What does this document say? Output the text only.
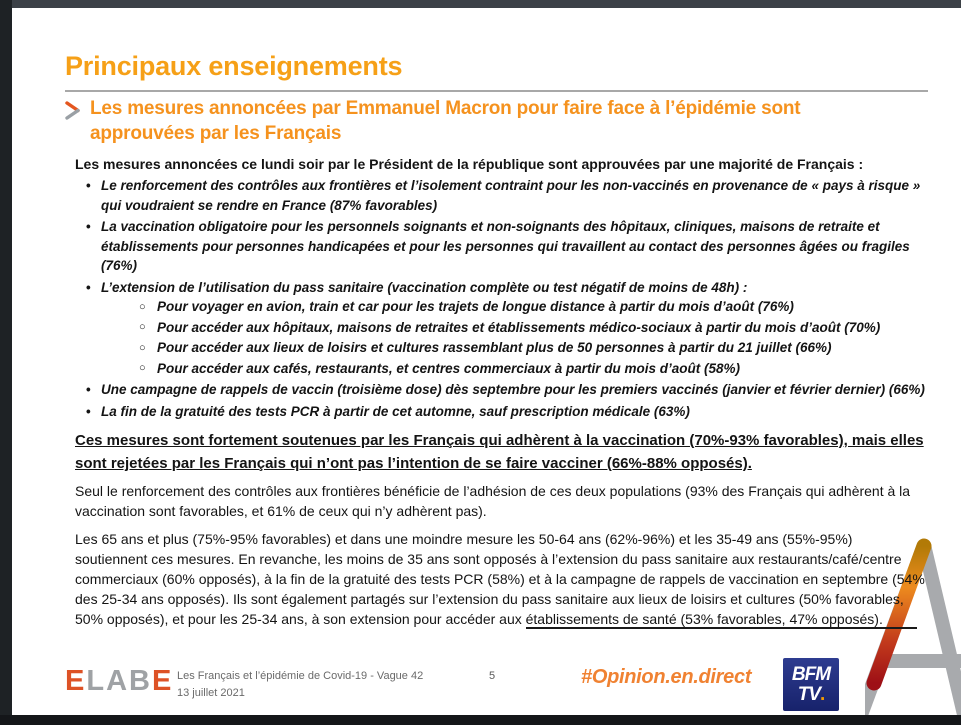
Principaux enseignements
Les mesures annoncées par Emmanuel Macron pour faire face à l’épidémie sont approuvées par les Français

Les mesures annoncées ce lundi soir par le Président de la république sont approuvées par une majorité de Français :

• Le renforcement des contrôles aux frontières et l’isolement contraint pour les non-vaccinés en provenance de « pays à risque » qui voudraient se rendre en France (87% favorables)
• La vaccination obligatoire pour les personnels soignants et non-soignants des hôpitaux, cliniques, maisons de retraite et établissements pour personnes handicapées et pour les personnes qui travaillent au contact des personnes âgées ou fragiles (76%)
• L’extension de l’utilisation du pass sanitaire (vaccination complète ou test négatif de moins de 48h) :
○ Pour voyager en avion, train et car pour les trajets de longue distance à partir du mois d’août (76%)
○ Pour accéder aux hôpitaux, maisons de retraites et établissements médico-sociaux à partir du mois d’août (70%)
○ Pour accéder aux lieux de loisirs et cultures rassemblant plus de 50 personnes à partir du 21 juillet (66%)
○ Pour accéder aux cafés, restaurants, et centres commerciaux à partir du mois d’août (58%)
• Une campagne de rappels de vaccin (troisième dose) dès septembre pour les premiers vaccinés (janvier et février dernier) (66%)
• La fin de la gratuité des tests PCR à partir de cet automne, sauf prescription médicale (63%)

Ces mesures sont fortement soutenues par les Français qui adhèrent à la vaccination (70%-93% favorables), mais elles sont rejetées par les Français qui n’ont pas l’intention de se faire vacciner (66%-88% opposés).

Seul le renforcement des contrôles aux frontières bénéficie de l’adhésion de ces deux populations (93% des Français qui adhèrent à la vaccination sont favorables, et 61% de ceux qui n’y adhèrent pas).

Les 65 ans et plus (75%-95% favorables) et dans une moindre mesure les 50-64 ans (62%-96%) et les 35-49 ans (55%-95%) soutiennent ces mesures. En revanche, les moins de 35 ans sont opposés à l’extension du pass sanitaire aux restaurants/café/centre commerciaux (60% opposés), à la fin de la gratuité des tests PCR (58%) et à la campagne de rappels de vaccination en septembre (54% des 25-34 ans opposés). Ils sont également partagés sur l’extension du pass sanitaire aux lieux de loisirs et cultures (50% favorables, 50% opposés), et pour les 25-34 ans, à son extension pour accéder aux établissements de santé (53% favorables, 47% opposés).

ELABE Les Français et l’épidémie de Covid-19 - Vague 42
13 juillet 2021
5	#Opinion.en.direct	BFM
TV.
